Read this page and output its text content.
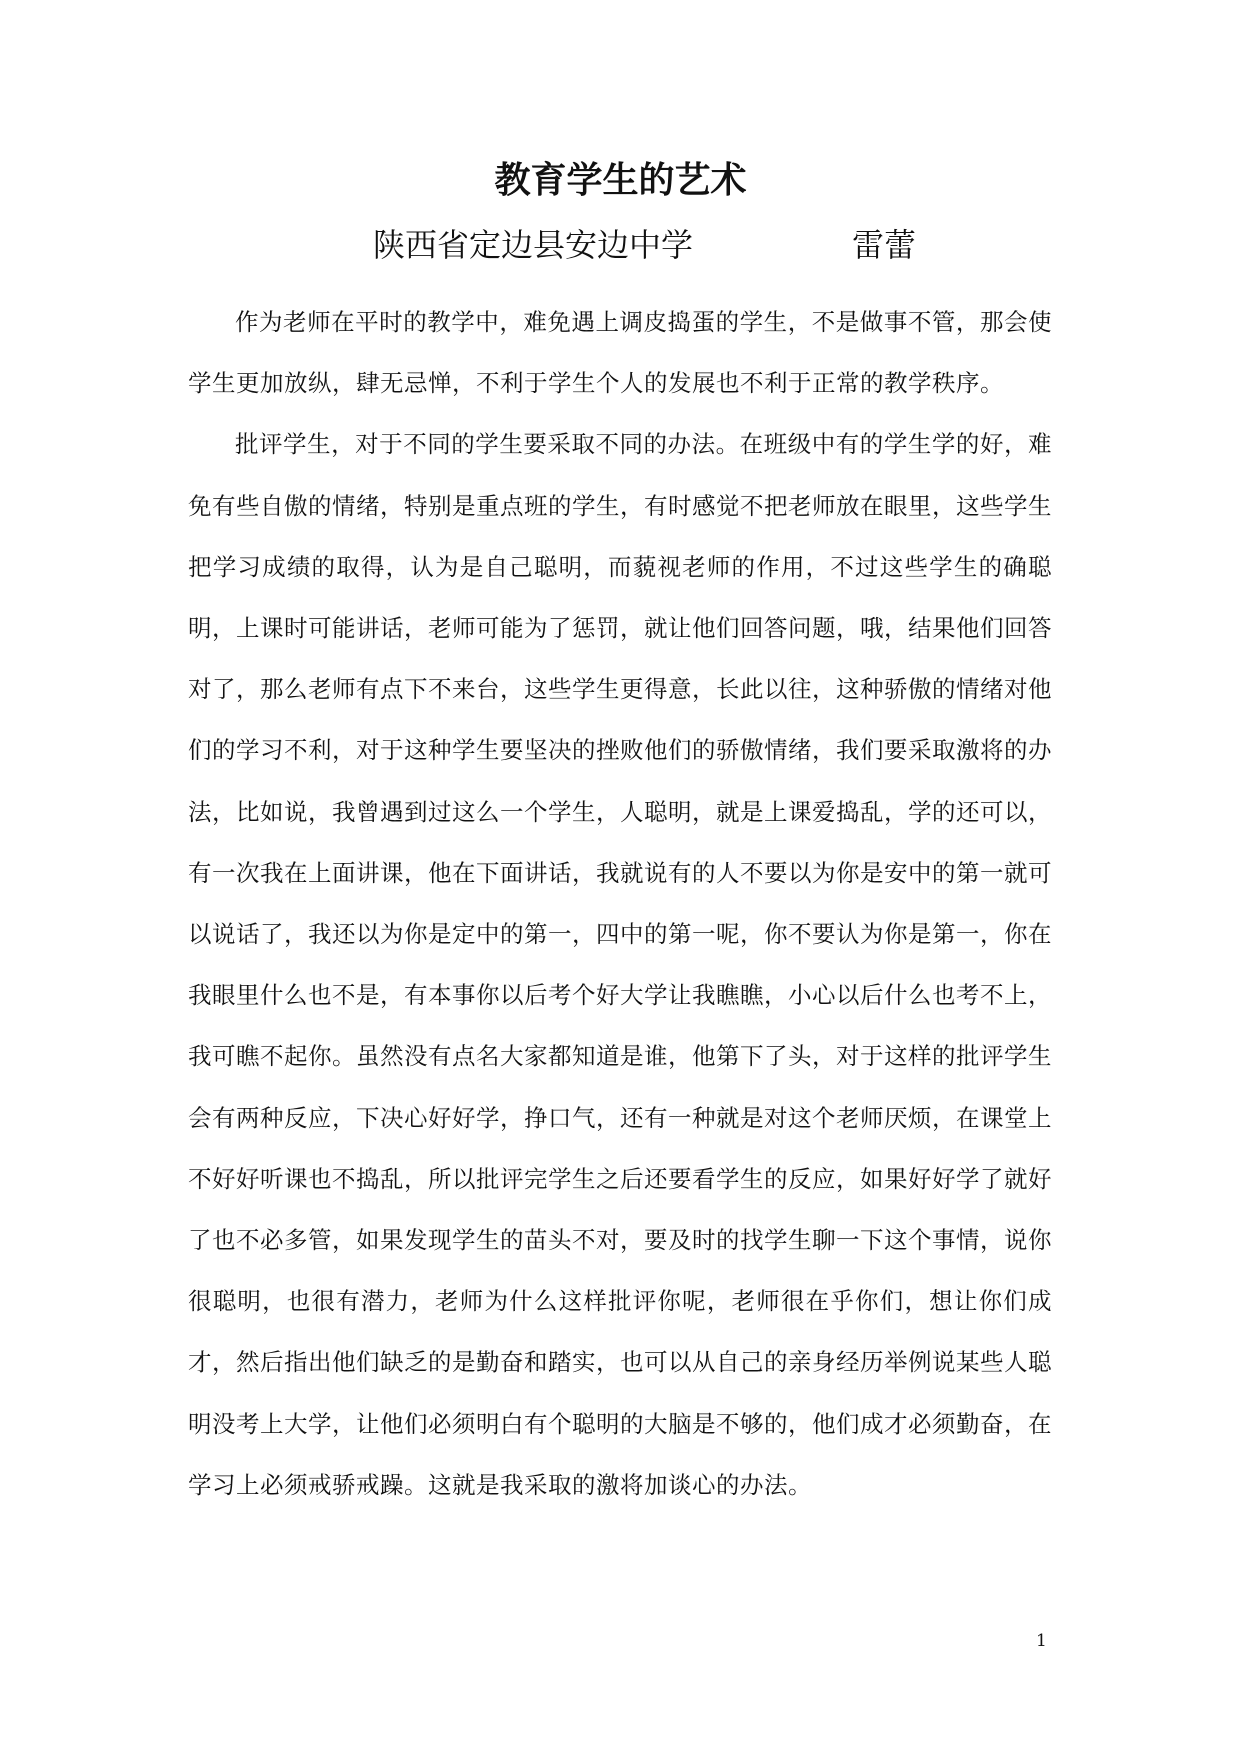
教育学生的艺术
陕西省定边县安边中学	雷蕾

作为老师在平时的教学中，难免遇上调皮捣蛋的学生，不是做事不管，那会使学生更加放纵，肆无忌惮，不利于学生个人的发展也不利于正常的教学秩序。

批评学生，对于不同的学生要采取不同的办法。在班级中有的学生学的好，难免有些自傲的情绪，特别是重点班的学生，有时感觉不把老师放在眼里，这些学生把学习成绩的取得，认为是自己聪明，而藐视老师的作用，不过这些学生的确聪明，上课时可能讲话，老师可能为了惩罚，就让他们回答问题，哦，结果他们回答对了，那么老师有点下不来台，这些学生更得意，长此以往，这种骄傲的情绪对他们的学习不利，对于这种学生要坚决的挫败他们的骄傲情绪，我们要采取激将的办法，比如说，我曾遇到过这么一个学生，人聪明，就是上课爱捣乱，学的还可以，有一次我在上面讲课，他在下面讲话，我就说有的人不要以为你是安中的第一就可以说话了，我还以为你是定中的第一，四中的第一呢，你不要认为你是第一，你在我眼里什么也不是，有本事你以后考个好大学让我瞧瞧，小心以后什么也考不上，我可瞧不起你。虽然没有点名大家都知道是谁，他第下了头，对于这样的批评学生会有两种反应，下决心好好学，挣口气，还有一种就是对这个老师厌烦，在课堂上不好好听课也不捣乱，所以批评完学生之后还要看学生的反应，如果好好学了就好了也不必多管，如果发现学生的苗头不对，要及时的找学生聊一下这个事情，说你很聪明，也很有潜力，老师为什么这样批评你呢，老师很在乎你们，想让你们成才，然后指出他们缺乏的是勤奋和踏实，也可以从自己的亲身经历举例说某些人聪明没考上大学，让他们必须明白有个聪明的大脑是不够的，他们成才必须勤奋，在学习上必须戒骄戒躁。这就是我采取的激将加谈心的办法。

1
